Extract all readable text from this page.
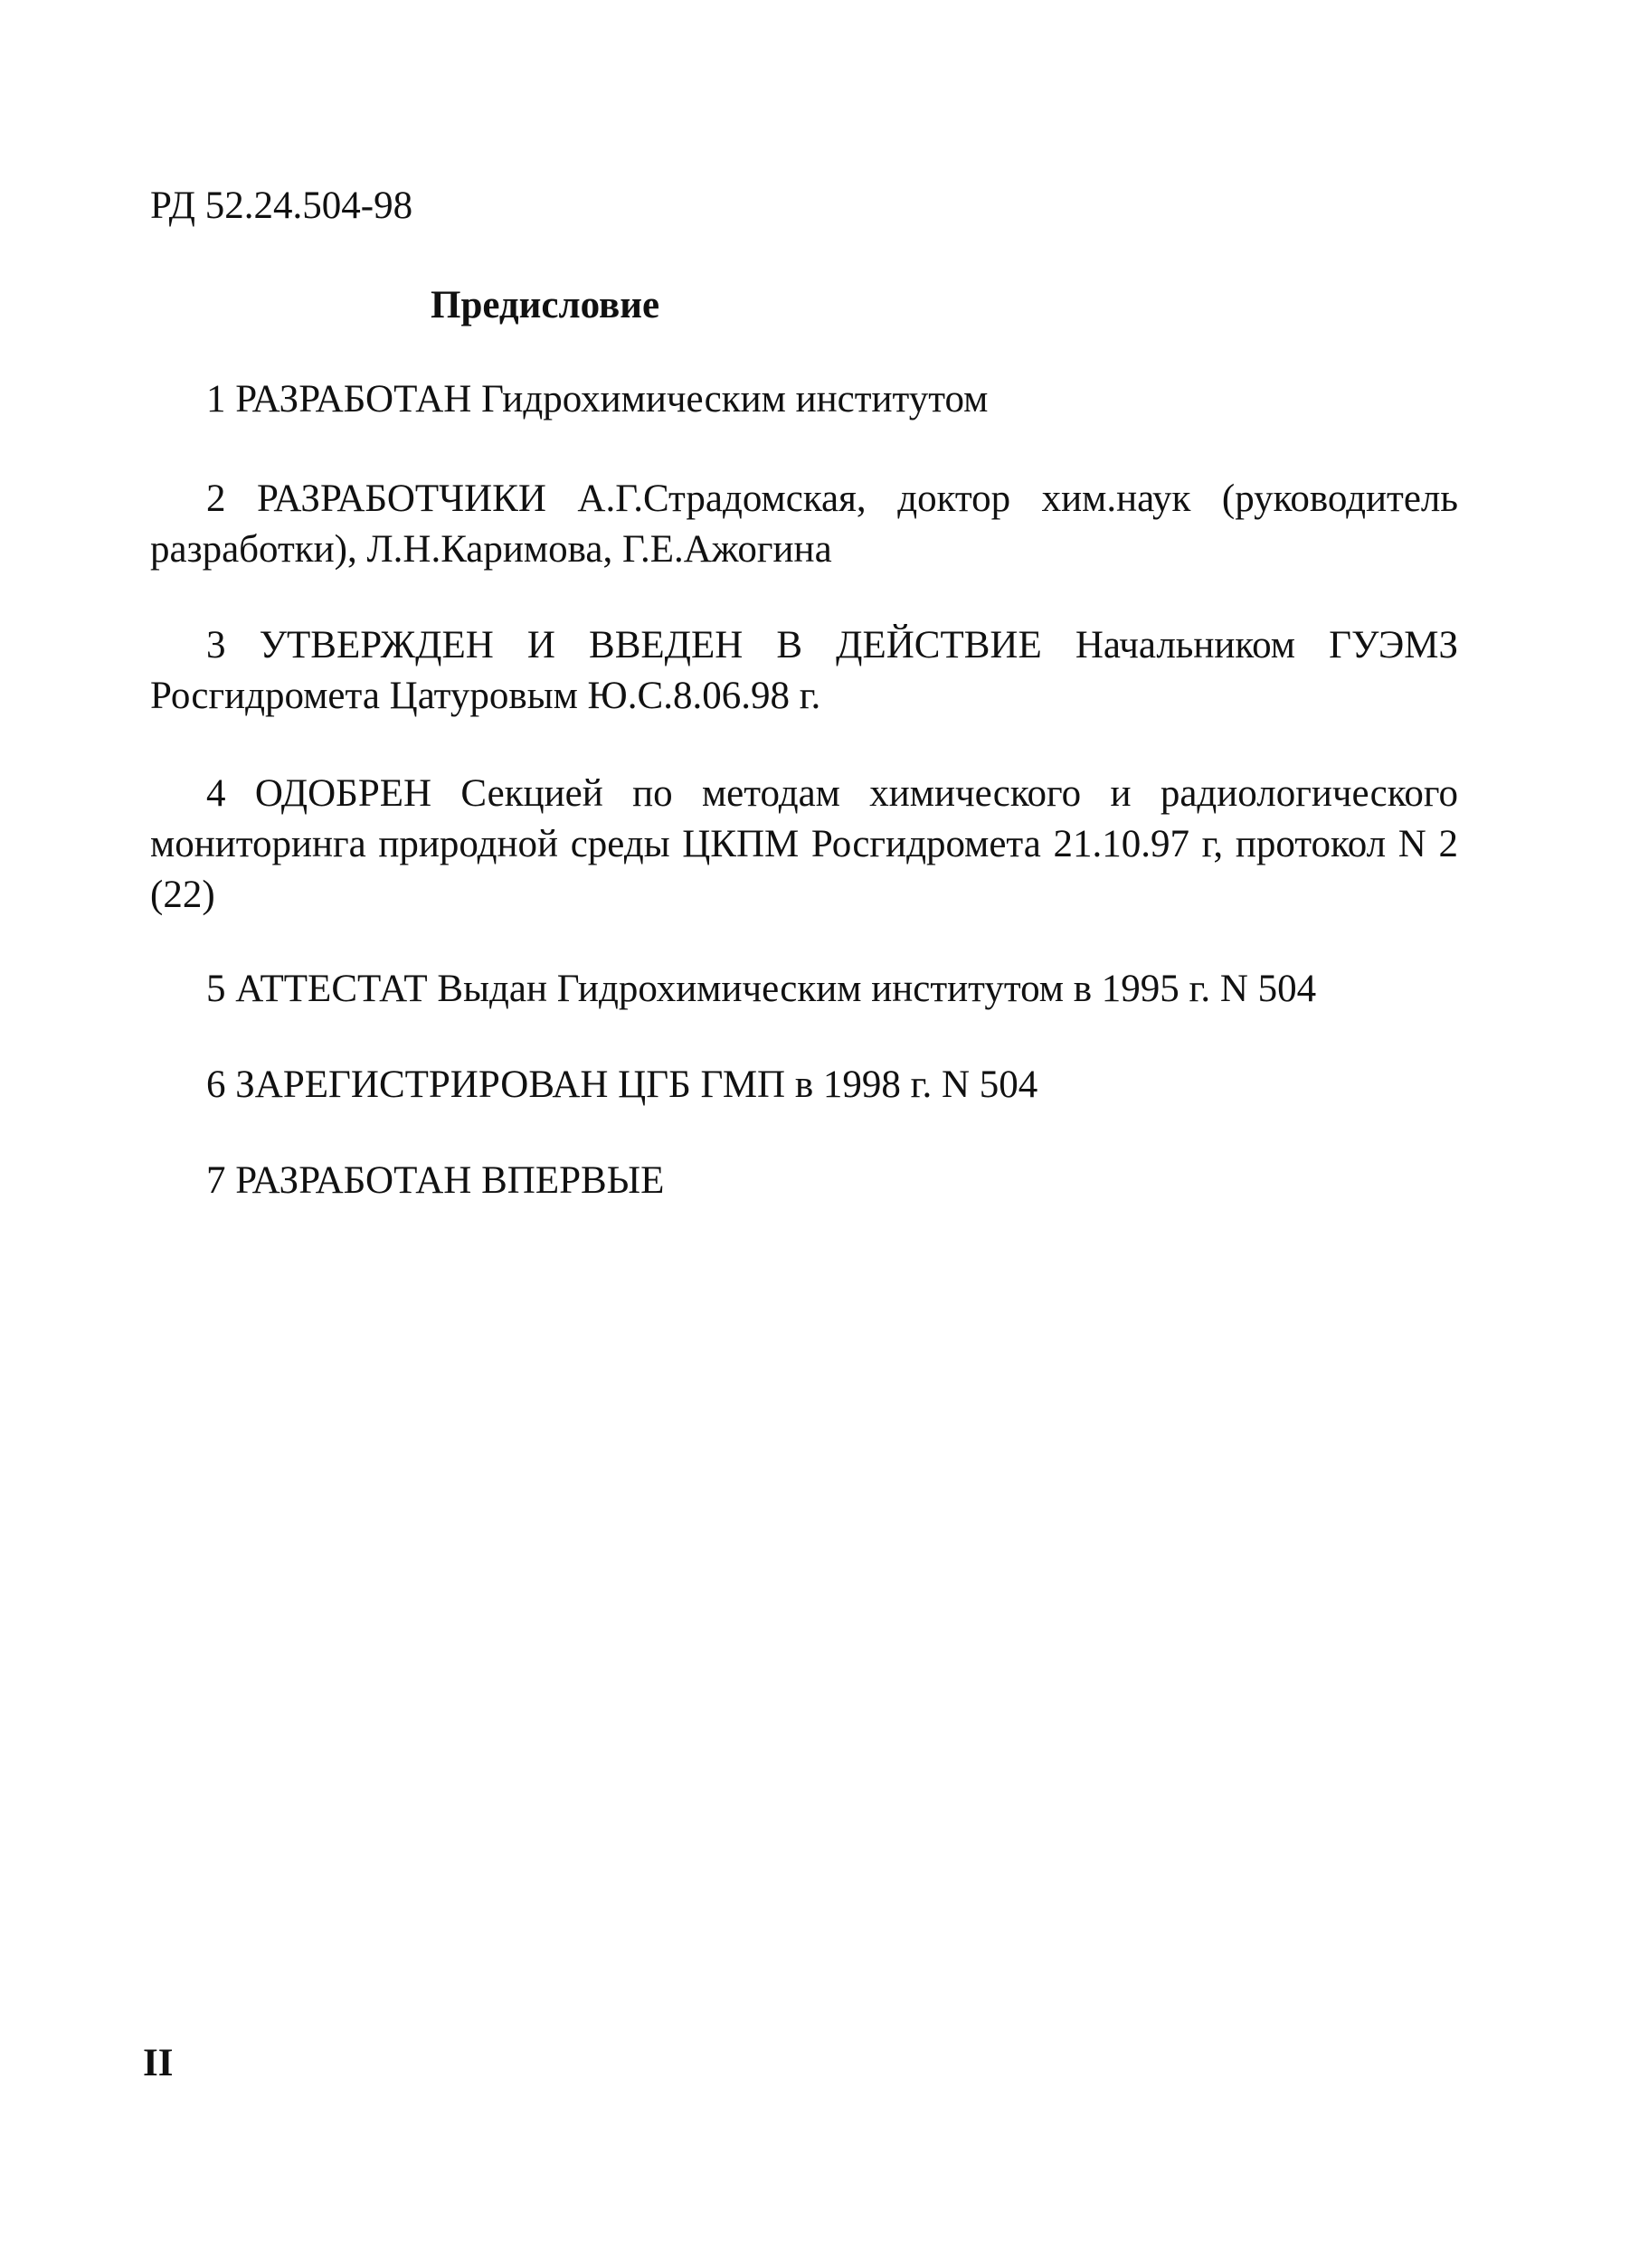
РД 52.24.504-98
Предисловие
1 РАЗРАБОТАН Гидрохимическим институтом
2 РАЗРАБОТЧИКИ А.Г.Страдомская, доктор хим.наук (руководитель разработки), Л.Н.Каримова, Г.Е.Ажогина
3 УТВЕРЖДЕН И ВВЕДЕН В ДЕЙСТВИЕ Начальником ГУЭМЗ Росгидромета Цатуровым Ю.С.8.06.98 г.
4 ОДОБРЕН Секцией по методам химического и радиологического мониторинга природной среды ЦКПМ Росгидромета 21.10.97 г, протокол N 2 (22)
5 АТТЕСТАТ Выдан Гидрохимическим институтом в 1995 г. N 504
6 ЗАРЕГИСТРИРОВАН ЦГБ ГМП в 1998 г. N 504
7 РАЗРАБОТАН ВПЕРВЫЕ
II
